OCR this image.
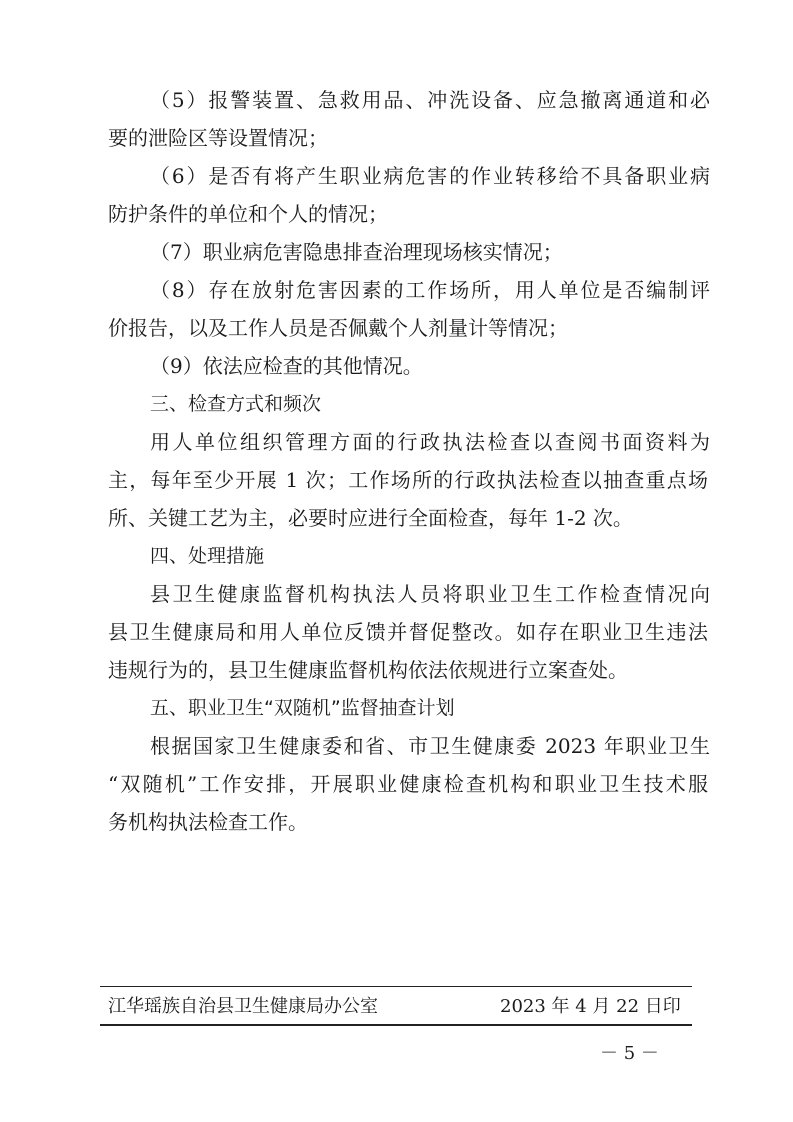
（5）报警装置、急救用品、冲洗设备、应急撤离通道和必
要的泄险区等设置情况；
（6）是否有将产生职业病危害的作业转移给不具备职业病
防护条件的单位和个人的情况；
（7）职业病危害隐患排查治理现场核实情况；
（8）存在放射危害因素的工作场所，用人单位是否编制评
价报告，以及工作人员是否佩戴个人剂量计等情况；
（9）依法应检查的其他情况。
三、检查方式和频次
用人单位组织管理方面的行政执法检查以查阅书面资料为
主，每年至少开展 1 次；工作场所的行政执法检查以抽查重点场
所、关键工艺为主，必要时应进行全面检查，每年 1-2 次。
四、处理措施
县卫生健康监督机构执法人员将职业卫生工作检查情况向
县卫生健康局和用人单位反馈并督促整改。如存在职业卫生违法
违规行为的，县卫生健康监督机构依法依规进行立案查处。
五、职业卫生“双随机”监督抽查计划
根据国家卫生健康委和省、市卫生健康委 2023 年职业卫生
“双随机”工作安排，开展职业健康检查机构和职业卫生技术服
务机构执法检查工作。
江华瑶族自治县卫生健康局办公室	2023 年 4 月 22 日印
－ 5 －
